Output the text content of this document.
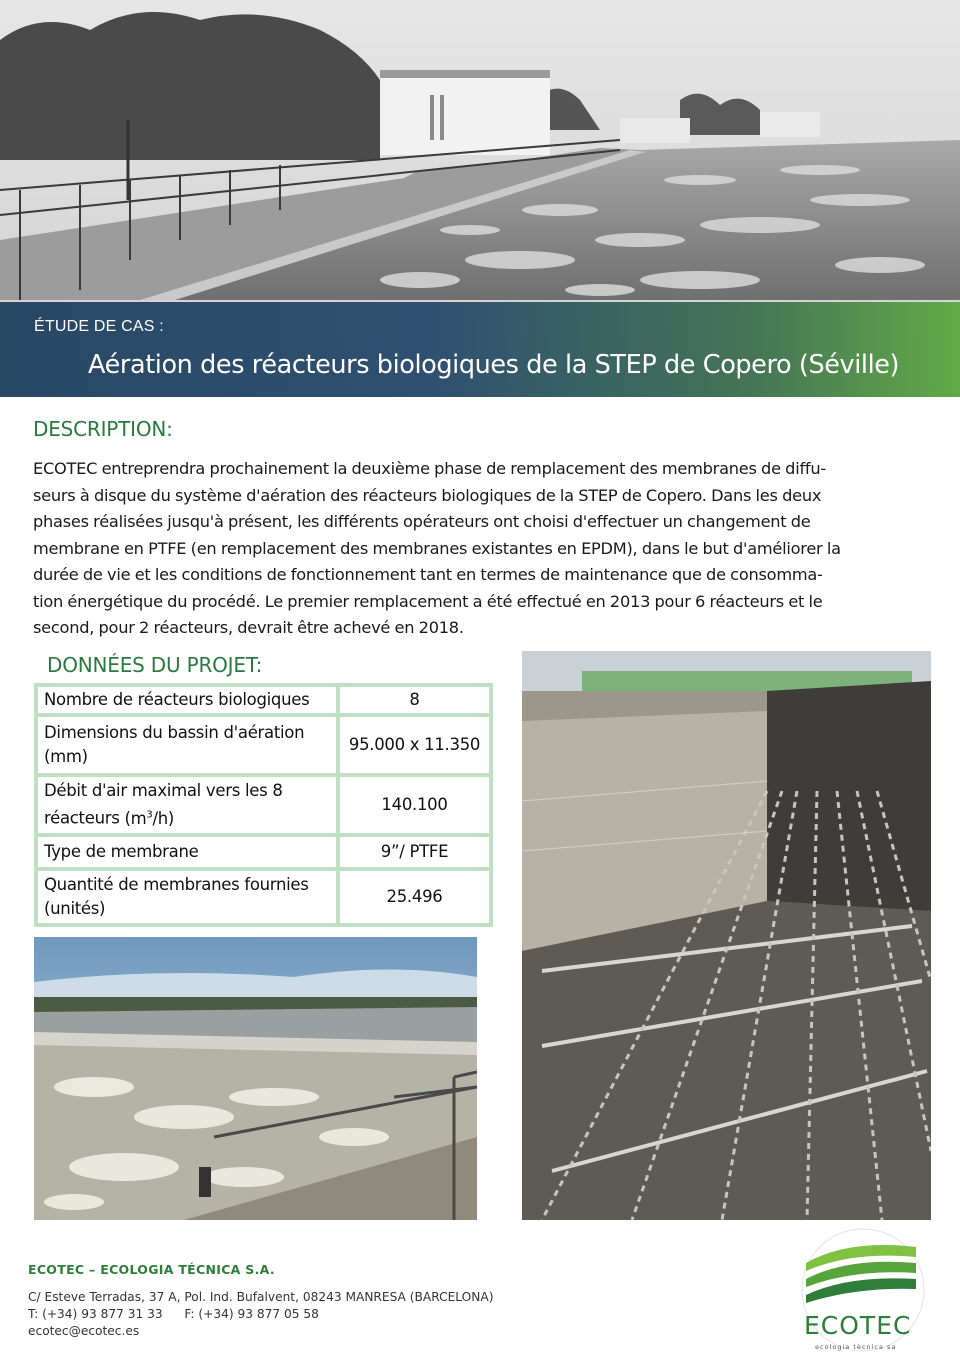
ÉTUDE DE CAS :
Aération des réacteurs biologiques de la STEP de Copero (Séville)
DESCRIPTION:

ECOTEC entreprendra prochainement la deuxième phase de remplacement des membranes de diffu-
seurs à disque du système d'aération des réacteurs biologiques de la STEP de Copero. Dans les deux
phases réalisées jusqu'à présent, les différents opérateurs ont choisi d'effectuer un changement de
membrane en PTFE (en remplacement des membranes existantes en EPDM), dans le but d'améliorer la
durée de vie et les conditions de fonctionnement tant en termes de maintenance que de consomma-
tion énergétique du procédé. Le premier remplacement a été effectué en 2013 pour 6 réacteurs et le
second, pour 2 réacteurs, devrait être achevé en 2018.

DONNÉES DU PROJET:
Nombre de réacteurs biologiques	8
Dimensions du bassin d'aération (mm)	95.000 x 11.350
Débit d'air maximal vers les 8 réacteurs $(m^3/h)$	140.100
Type de membrane	9”/ PTFE
Quantité de membranes fournies (unités)	25.496
ECOTEC – ECOLOGIA TÉCNICA S.A.
C/ Esteve Terradas, 37 A, Pol. Ind. Bufalvent, 08243 MANRESA (BARCELONA)
T: (+34) 93 877 31 33 F: (+34) 93 877 05 58
ecotec@ecotec.es	ECOTEC
ecologia tècnica sa
